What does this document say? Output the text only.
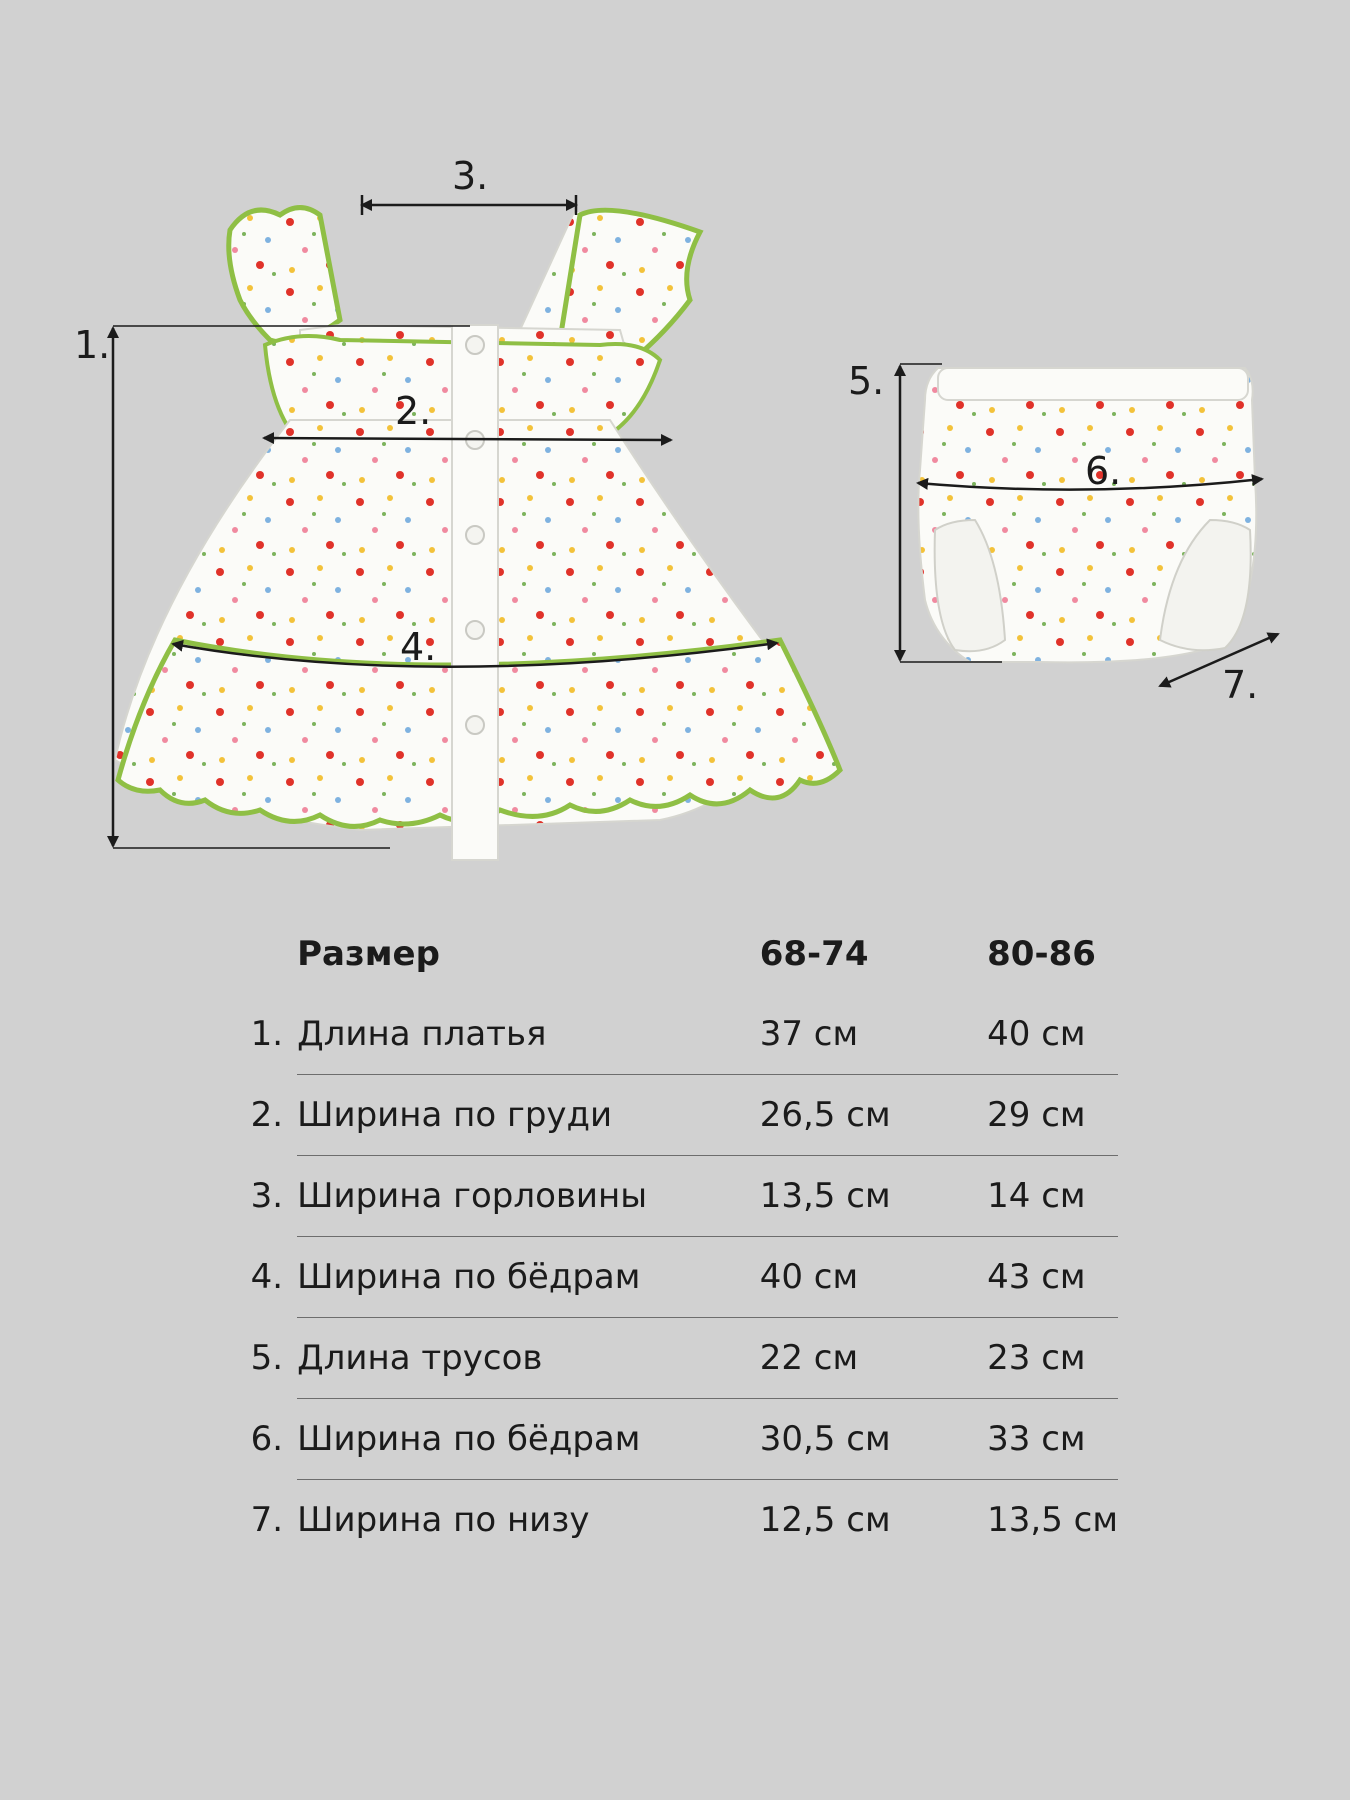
1.
2.
3.
4.
5.
6.
7.
	Размер	68-74	80-86
1.	Длина платья	37 см	40 см
2.	Ширина по груди	26,5 см	29 см
3.	Ширина горловины	13,5 см	14 см
4.	Ширина по бёдрам	40 см	43 см
5.	Длина трусов	22 см	23 см
6.	Ширина по бёдрам	30,5 см	33 см
7.	Ширина по низу	12,5 см	13,5 см
